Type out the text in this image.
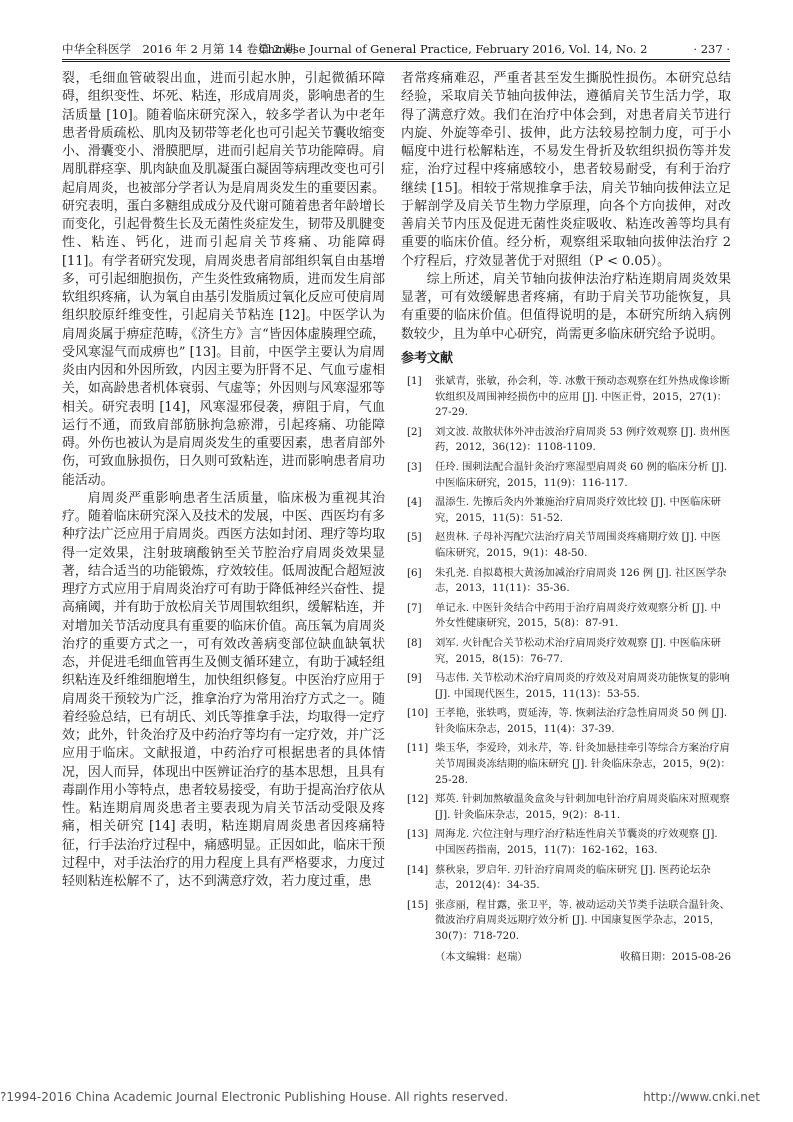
中华全科医学　2016 年 2 月第 14 卷第 2 期
Chinese Journal of General Practice, February 2016, Vol. 14, No. 2　　　　	· 237 ·

裂，毛细血管破裂出血，进而引起水肿，引起微循环障碍，组织变性、坏死、粘连，形成肩周炎，影响患者的生活质量 [10]。随着临床研究深入，较多学者认为中老年患者骨质疏松、肌肉及韧带等老化也可引起关节囊收缩变小、滑囊变小、滑膜肥厚，进而引起肩关节功能障碍。肩周肌群痉挛、肌肉缺血及肌凝蛋白凝固等病理改变也可引起肩周炎，也被部分学者认为是肩周炎发生的重要因素。研究表明，蛋白多糖组成成分及代谢可随着患者年龄增长而变化，引起骨赘生长及无菌性炎症发生，韧带及肌腱变性、粘连、钙化，进而引起肩关节疼痛、功能障碍 [11]。有学者研究发现，肩周炎患者肩部组织氧自由基增多，可引起细胞损伤，产生炎性致痛物质，进而发生肩部软组织疼痛，认为氧自由基引发脂质过氧化反应可使肩周组织胶原纤维变性，引起肩关节粘连 [12]。中医学认为肩周炎属于痹症范畴，《济生方》言“皆因体虚腠理空疏，受风寒湿气而成痹也” [13]。目前，中医学主要认为肩周炎由内因和外因所致，内因主要为肝肾不足、气血亏虚相关，如高龄患者机体衰弱、气虚等；外因则与风寒湿邪等相关。研究表明 [14]，风寒湿邪侵袭，痹阻于肩，气血运行不通，而致肩部筋脉拘急瘀滞，引起疼痛、功能障碍。外伤也被认为是肩周炎发生的重要因素，患者肩部外伤，可致血脉损伤，日久则可致粘连，进而影响患者肩功能活动。

肩周炎严重影响患者生活质量，临床极为重视其治疗。随着临床研究深入及技术的发展，中医、西医均有多种疗法广泛应用于肩周炎。西医方法如封闭、理疗等均取得一定效果，注射玻璃酸钠至关节腔治疗肩周炎效果显著，结合适当的功能锻炼，疗效较佳。低周波配合超短波理疗方式应用于肩周炎治疗可有助于降低神经兴奋性、提高痛阈，并有助于放松肩关节周围软组织，缓解粘连，并对增加关节活动度具有重要的临床价值。高压氧为肩周炎治疗的重要方式之一，可有效改善病变部位缺血缺氧状态，并促进毛细血管再生及侧支循环建立，有助于减轻组织粘连及纤维细胞增生，加快组织修复。中医治疗应用于肩周炎干预较为广泛，推拿治疗为常用治疗方式之一。随着经验总结，已有胡氏、刘氏等推拿手法，均取得一定疗效；此外，针灸治疗及中药治疗等均有一定疗效，并广泛应用于临床。文献报道，中药治疗可根据患者的具体情况，因人而异，体现出中医辨证治疗的基本思想，且具有毒副作用小等特点，患者较易接受，有助于提高治疗依从性。粘连期肩周炎患者主要表现为肩关节活动受限及疼痛，相关研究 [14] 表明，粘连期肩周炎患者因疼痛特征，行手法治疗过程中，痛感明显。正因如此，临床干预过程中，对手法治疗的用力程度上具有严格要求，力度过轻则粘连松解不了，达不到满意疗效，若力度过重，患

者常疼痛难忍，严重者甚至发生撕脱性损伤。本研究总结经验，采取肩关节轴向拔伸法，遵循肩关节生活力学，取得了满意疗效。我们在治疗中体会到，对患者肩关节进行内旋、外旋等牵引、拔伸，此方法较易控制力度，可于小幅度中进行松解粘连，不易发生骨折及软组织损伤等并发症，治疗过程中疼痛感较小，患者较易耐受，有利于治疗继续 [15]。相较于常规推拿手法，肩关节轴向拔伸法立足于解剖学及肩关节生物力学原理，向各个方向拔伸，对改善肩关节内压及促进无菌性炎症吸收、粘连改善等均具有重要的临床价值。经分析，观察组采取轴向拔伸法治疗 2 个疗程后，疗效显著优于对照组（P < 0.05）。

综上所述，肩关节轴向拔伸法治疗粘连期肩周炎效果显著，可有效缓解患者疼痛，有助于肩关节功能恢复，具有重要的临床价值。但值得说明的是，本研究所纳入病例数较少，且为单中心研究，尚需更多临床研究给予说明。

参考文献

[1] 张斌青，张敏，孙会利，等. 冰敷干预动态观察在红外热成像诊断软组织及周围神经损伤中的应用 [J]. 中医正骨，2015，27(1)：27-29.
[2] 刘文波. 故散状体外冲击波治疗肩周炎 53 例疗效观察 [J]. 贵州医药，2012，36(12)：1108-1109.
[3] 任玲. 围刺法配合温针灸治疗寒湿型肩周炎 60 例的临床分析 [J]. 中医临床研究，2015，11(9)：116-117.
[4] 温添生. 先擦后灸内外兼施治疗肩周炎疗效比较 [J]. 中医临床研究，2015，11(5)：51-52.
[5] 赵贵林. 子母补泻配穴法治疗肩关节周围炎疼痛期疗效 [J]. 中医临床研究，2015，9(1)：48-50.
[6] 朱孔尧. 自拟葛根大黄汤加减治疗肩周炎 126 例 [J]. 社区医学杂志，2013，11(11)：35-36.
[7] 单记永. 中医针灸结合中药用于治疗肩周炎疗效观察分析 [J]. 中外女性健康研究，2015，5(8)：87-91.
[8] 刘军. 火针配合关节松动术治疗肩周炎疗效观察 [J]. 中医临床研究，2015，8(15)：76-77.
[9] 马志伟. 关节松动术治疗肩周炎的疗效及对肩周炎功能恢复的影响 [J]. 中国现代医生，2015，11(13)：53-55.
[10] 王孝艳，张轶鸣，贾延涛，等. 恢刺法治疗急性肩周炎 50 例 [J]. 针灸临床杂志，2015，11(4)：37-39.
[11] 柴玉华，李爱玲，刘永芹，等. 针灸加悬挂牵引等综合方案治疗肩关节周围炎冻结期的临床研究 [J]. 针灸临床杂志，2015，9(2)：25-28.
[12] 郑英. 针刺加熬敏温灸盒灸与针刺加电针治疗肩周炎临床对照观察 [J]. 针灸临床杂志，2015，9(2)：8-11.
[13] 周海龙. 穴位注射与理疗治疗粘连性肩关节囊炎的疗效观察 [J]. 中国医药指南，2015，11(7)：162-162，163.
[14] 蔡秋泉，罗启年. 刃针治疗肩周炎的临床研究 [J]. 医药论坛杂志，2012(4)：34-35.
[15] 张彦丽，程甘露，张卫平，等. 被动运动关节类手法联合温针灸、微波治疗肩周炎远期疗效分析 [J]. 中国康复医学杂志，2015，30(7)：718-720.
（本文编辑：赵瑞）	收稿日期：2015-08-26
?1994-2016 China Academic Journal Electronic Publishing House. All rights reserved.	http://www.cnki.net
